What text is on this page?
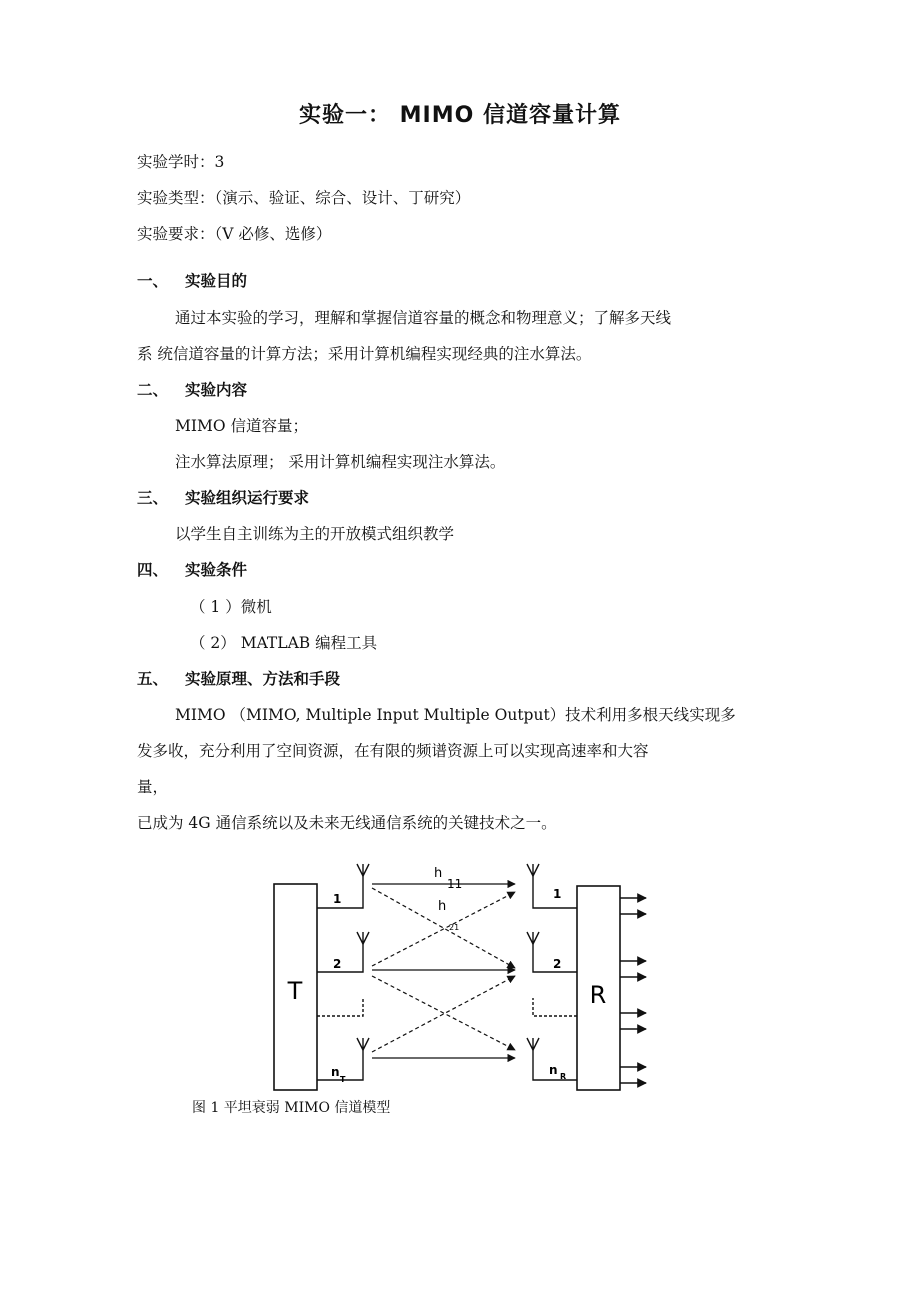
实验一： MIMO 信道容量计算
实验学时：3
实验类型：（演示、验证、综合、设计、丁研究）
实验要求：（V 必修、选修）
一、 实验目的
通过本实验的学习，理解和掌握信道容量的概念和物理意义；了解多天线
系 统信道容量的计算方法；采用计算机编程实现经典的注水算法。
二、 实验内容
MIMO 信道容量；
注水算法原理； 采用计算机编程实现注水算法。
三、 实验组织运行要求
以学生自主训练为主的开放模式组织教学
四、 实验条件
（ 1 ）微机
（ 2） MATLAB 编程工具
五、 实验原理、方法和手段
MIMO （MIMO, Multiple Input Multiple Output）技术利用多根天线实现多
发多收，充分利用了空间资源，在有限的频谱资源上可以实现高速率和大容
量，
已成为 4G 通信系统以及未来无线通信系统的关键技术之一。
T	R
1
2
n
T
1
2
n R
h
11
h
21
图 1 平坦衰弱 MIMO 信道模型
